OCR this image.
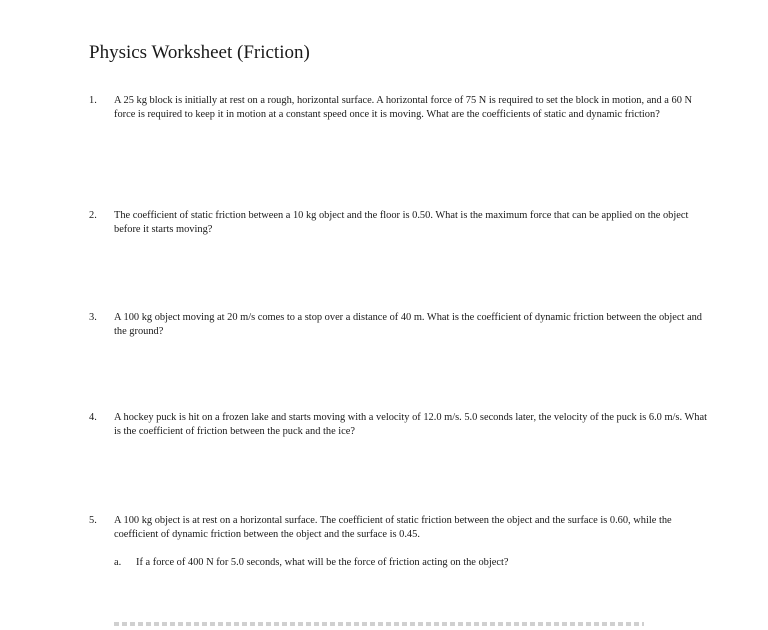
Physics Worksheet (Friction)
1. A 25 kg block is initially at rest on a rough, horizontal surface. A horizontal force of 75 N is required to set the block in motion, and a 60 N force is required to keep it in motion at a constant speed once it is moving. What are the coefficients of static and dynamic friction?
2. The coefficient of static friction between a 10 kg object and the floor is 0.50. What is the maximum force that can be applied on the object before it starts moving?
3. A 100 kg object moving at 20 m/s comes to a stop over a distance of 40 m. What is the coefficient of dynamic friction between the object and the ground?
4. A hockey puck is hit on a frozen lake and starts moving with a velocity of 12.0 m/s. 5.0 seconds later, the velocity of the puck is 6.0 m/s. What is the coefficient of friction between the puck and the ice?
5. A 100 kg object is at rest on a horizontal surface. The coefficient of static friction between the object and the surface is 0.60, while the coefficient of dynamic friction between the object and the surface is 0.45.
a. If a force of 400 N for 5.0 seconds, what will be the force of friction acting on the object?
